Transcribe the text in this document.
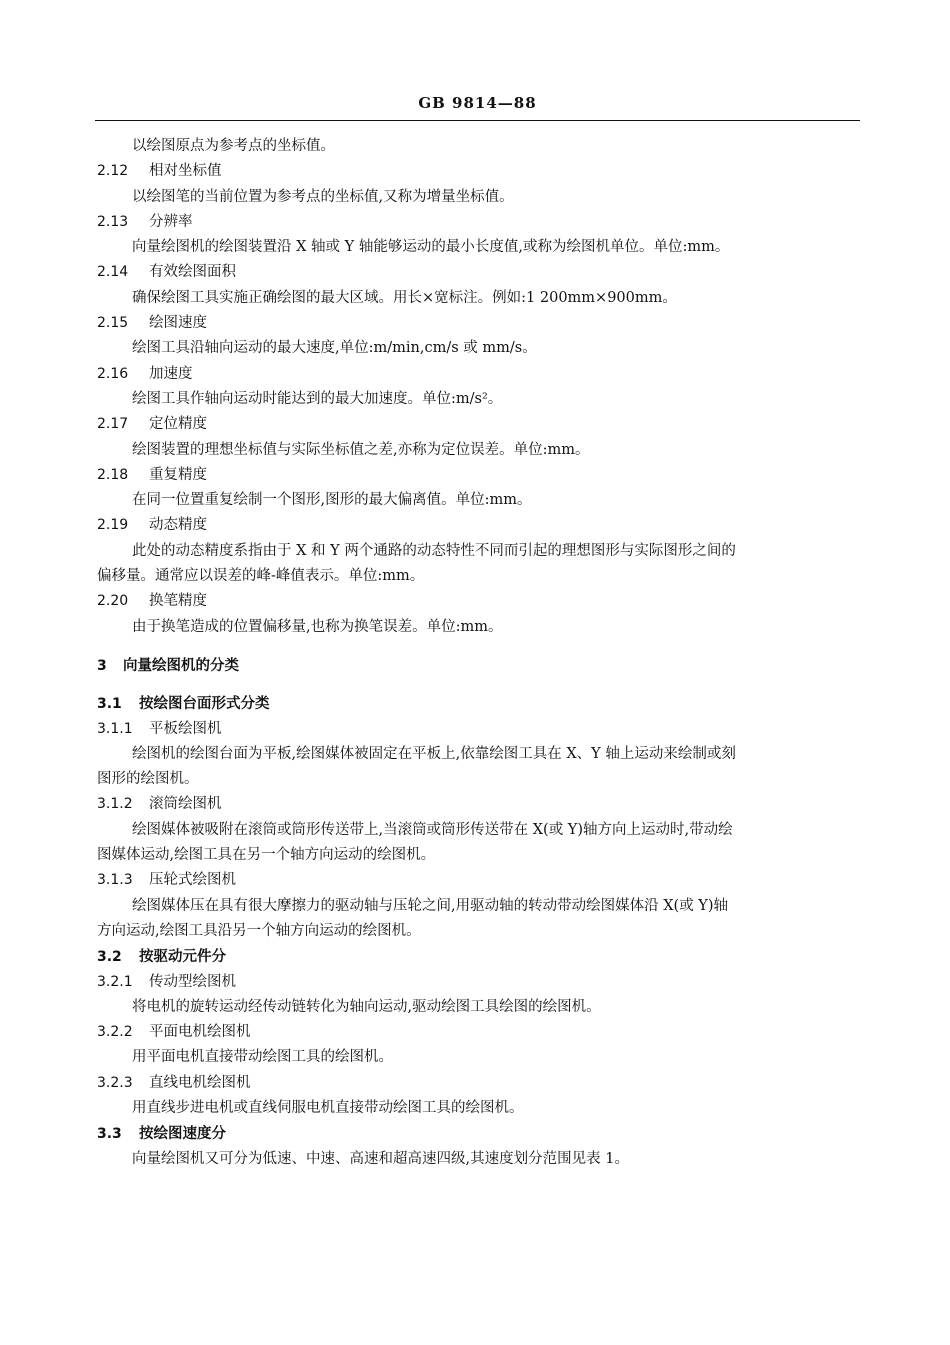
GB 9814—88
以绘图原点为参考点的坐标值。
2.12 相对坐标值
以绘图笔的当前位置为参考点的坐标值,又称为增量坐标值。
2.13 分辨率
向量绘图机的绘图装置沿 X 轴或 Y 轴能够运动的最小长度值,或称为绘图机单位。单位:mm。
2.14 有效绘图面积
确保绘图工具实施正确绘图的最大区域。用长×宽标注。例如:1 200mm×900mm。
2.15 绘图速度
绘图工具沿轴向运动的最大速度,单位:m/min,cm/s 或 mm/s。
2.16 加速度
绘图工具作轴向运动时能达到的最大加速度。单位:m/s²。
2.17 定位精度
绘图装置的理想坐标值与实际坐标值之差,亦称为定位误差。单位:mm。
2.18 重复精度
在同一位置重复绘制一个图形,图形的最大偏离值。单位:mm。
2.19 动态精度
此处的动态精度系指由于 X 和 Y 两个通路的动态特性不同而引起的理想图形与实际图形之间的
偏移量。通常应以误差的峰-峰值表示。单位:mm。
2.20 换笔精度
由于换笔造成的位置偏移量,也称为换笔误差。单位:mm。
3 向量绘图机的分类
3.1 按绘图台面形式分类
3.1.1 平板绘图机
绘图机的绘图台面为平板,绘图媒体被固定在平板上,依靠绘图工具在 X、Y 轴上运动来绘制或刻
图形的绘图机。
3.1.2 滚筒绘图机
绘图媒体被吸附在滚筒或筒形传送带上,当滚筒或筒形传送带在 X(或 Y)轴方向上运动时,带动绘
图媒体运动,绘图工具在另一个轴方向运动的绘图机。
3.1.3 压轮式绘图机
绘图媒体压在具有很大摩擦力的驱动轴与压轮之间,用驱动轴的转动带动绘图媒体沿 X(或 Y)轴
方向运动,绘图工具沿另一个轴方向运动的绘图机。
3.2 按驱动元件分
3.2.1 传动型绘图机
将电机的旋转运动经传动链转化为轴向运动,驱动绘图工具绘图的绘图机。
3.2.2 平面电机绘图机
用平面电机直接带动绘图工具的绘图机。
3.2.3 直线电机绘图机
用直线步进电机或直线伺服电机直接带动绘图工具的绘图机。
3.3 按绘图速度分
向量绘图机又可分为低速、中速、高速和超高速四级,其速度划分范围见表 1。
